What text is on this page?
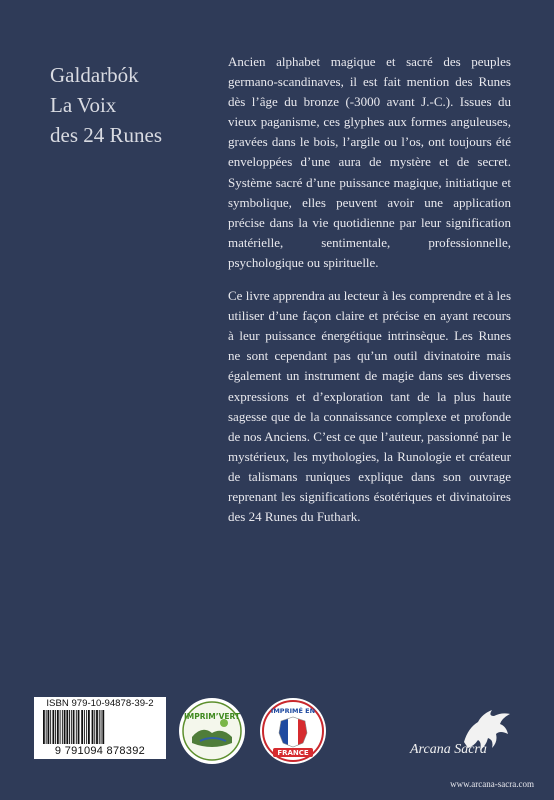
Galdarbók
La Voix
des 24 Runes

Ancien alphabet magique et sacré des peuples germano-scandinaves, il est fait mention des Runes dès l’âge du bronze (-3000 avant J.-C.). Issues du vieux paganisme, ces glyphes aux formes anguleuses, gravées dans le bois, l’argile ou l’os, ont toujours été enveloppées d’une aura de mystère et de secret. Système sacré d’une puissance magique, initiatique et symbolique, elles peuvent avoir une application précise dans la vie quotidienne par leur signification matérielle, sentimentale, professionnelle, psychologique ou spirituelle.

Ce livre apprendra au lecteur à les comprendre et à les utiliser d’une façon claire et précise en ayant recours à leur puissance énergétique intrinsèque. Les Runes ne sont cependant pas qu’un outil divinatoire mais également un instrument de magie dans ses diverses expressions et d’exploration tant de la plus haute sagesse que de la connaissance complexe et profonde de nos Anciens. C’est ce que l’auteur, passionné par le mystérieux, les mythologies, la Runologie et créateur de talismans runiques explique dans son ouvrage reprenant les significations ésotériques et divinatoires des 24 Runes du Futhark.

ISBN 979-10-94878-39-2
9 791094 878392
IMPRIM’VERT
IMPRIMÉ EN
FRANCE	Arcana Sacra
www.arcana-sacra.com
